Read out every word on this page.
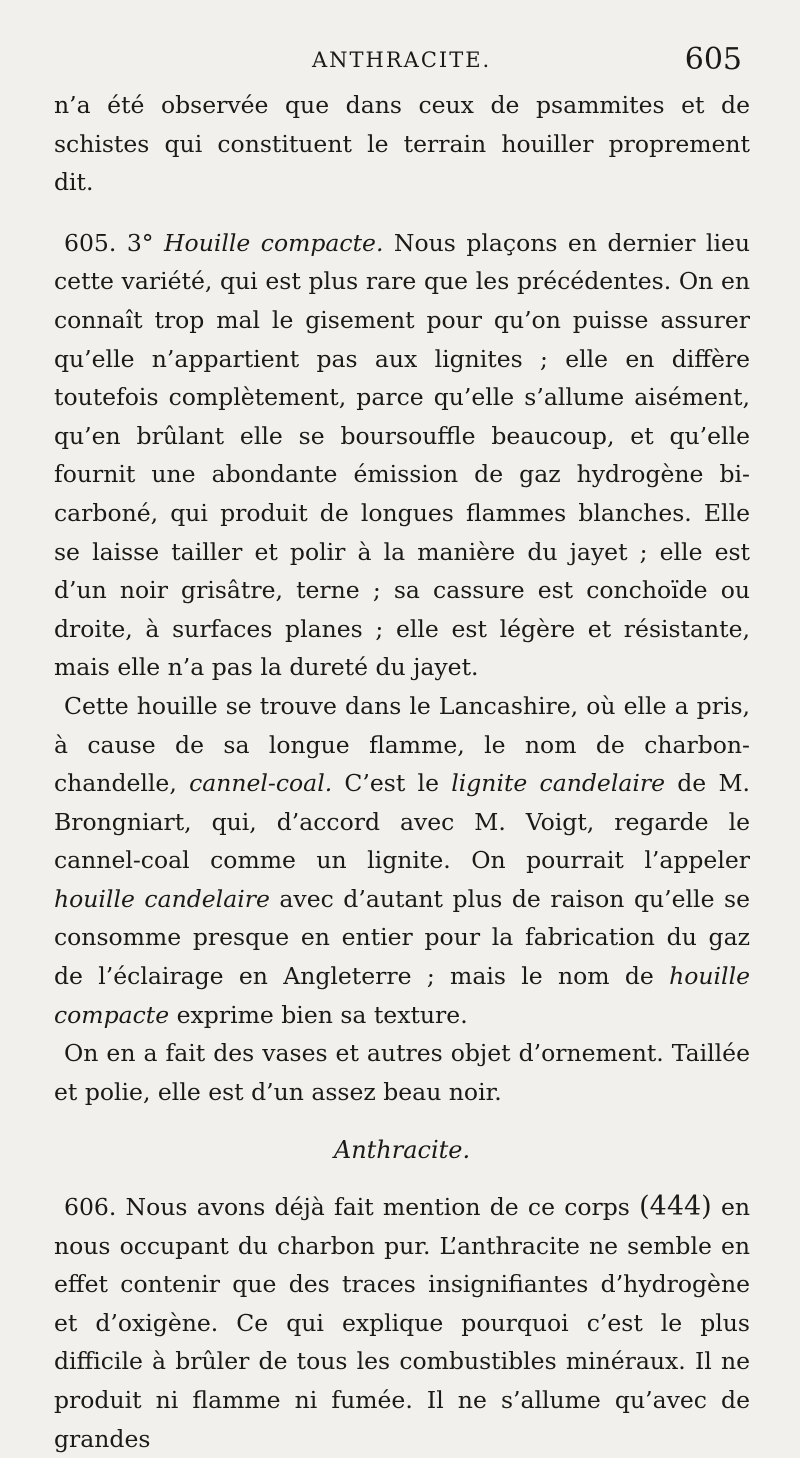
ANTHRACITE.	605

n’a été observée que dans ceux de psammites et de schistes qui constituent le terrain houiller proprement dit.

605. 3° Houille compacte. Nous plaçons en dernier lieu cette variété, qui est plus rare que les précédentes. On en connaît trop mal le gisement pour qu’on puisse assurer qu’elle n’appartient pas aux lignites ; elle en diffère toutefois complètement, parce qu’elle s’allume aisément, qu’en brûlant elle se boursouffle beaucoup, et qu’elle fournit une abondante émission de gaz hydrogène bi-carboné, qui produit de longues flammes blanches. Elle se laisse tailler et polir à la manière du jayet ; elle est d’un noir grisâtre, terne ; sa cassure est conchoïde ou droite, à surfaces planes ; elle est légère et résistante, mais elle n’a pas la dureté du jayet.

Cette houille se trouve dans le Lancashire, où elle a pris, à cause de sa longue flamme, le nom de charbon-chandelle, cannel-coal. C’est le lignite candelaire de M. Brongniart, qui, d’accord avec M. Voigt, regarde le cannel-coal comme un lignite. On pourrait l’appeler houille candelaire avec d’autant plus de raison qu’elle se consomme presque en entier pour la fabrication du gaz de l’éclairage en Angleterre ; mais le nom de houille compacte exprime bien sa texture.

On en a fait des vases et autres objet d’ornement. Taillée et polie, elle est d’un assez beau noir.

Anthracite.

606. Nous avons déjà fait mention de ce corps (444) en nous occupant du charbon pur. L’anthracite ne semble en effet contenir que des traces insignifiantes d’hydrogène et d’oxigène. Ce qui explique pourquoi c’est le plus difficile à brûler de tous les combustibles minéraux. Il ne produit ni flamme ni fumée. Il ne s’allume qu’avec de grandes
